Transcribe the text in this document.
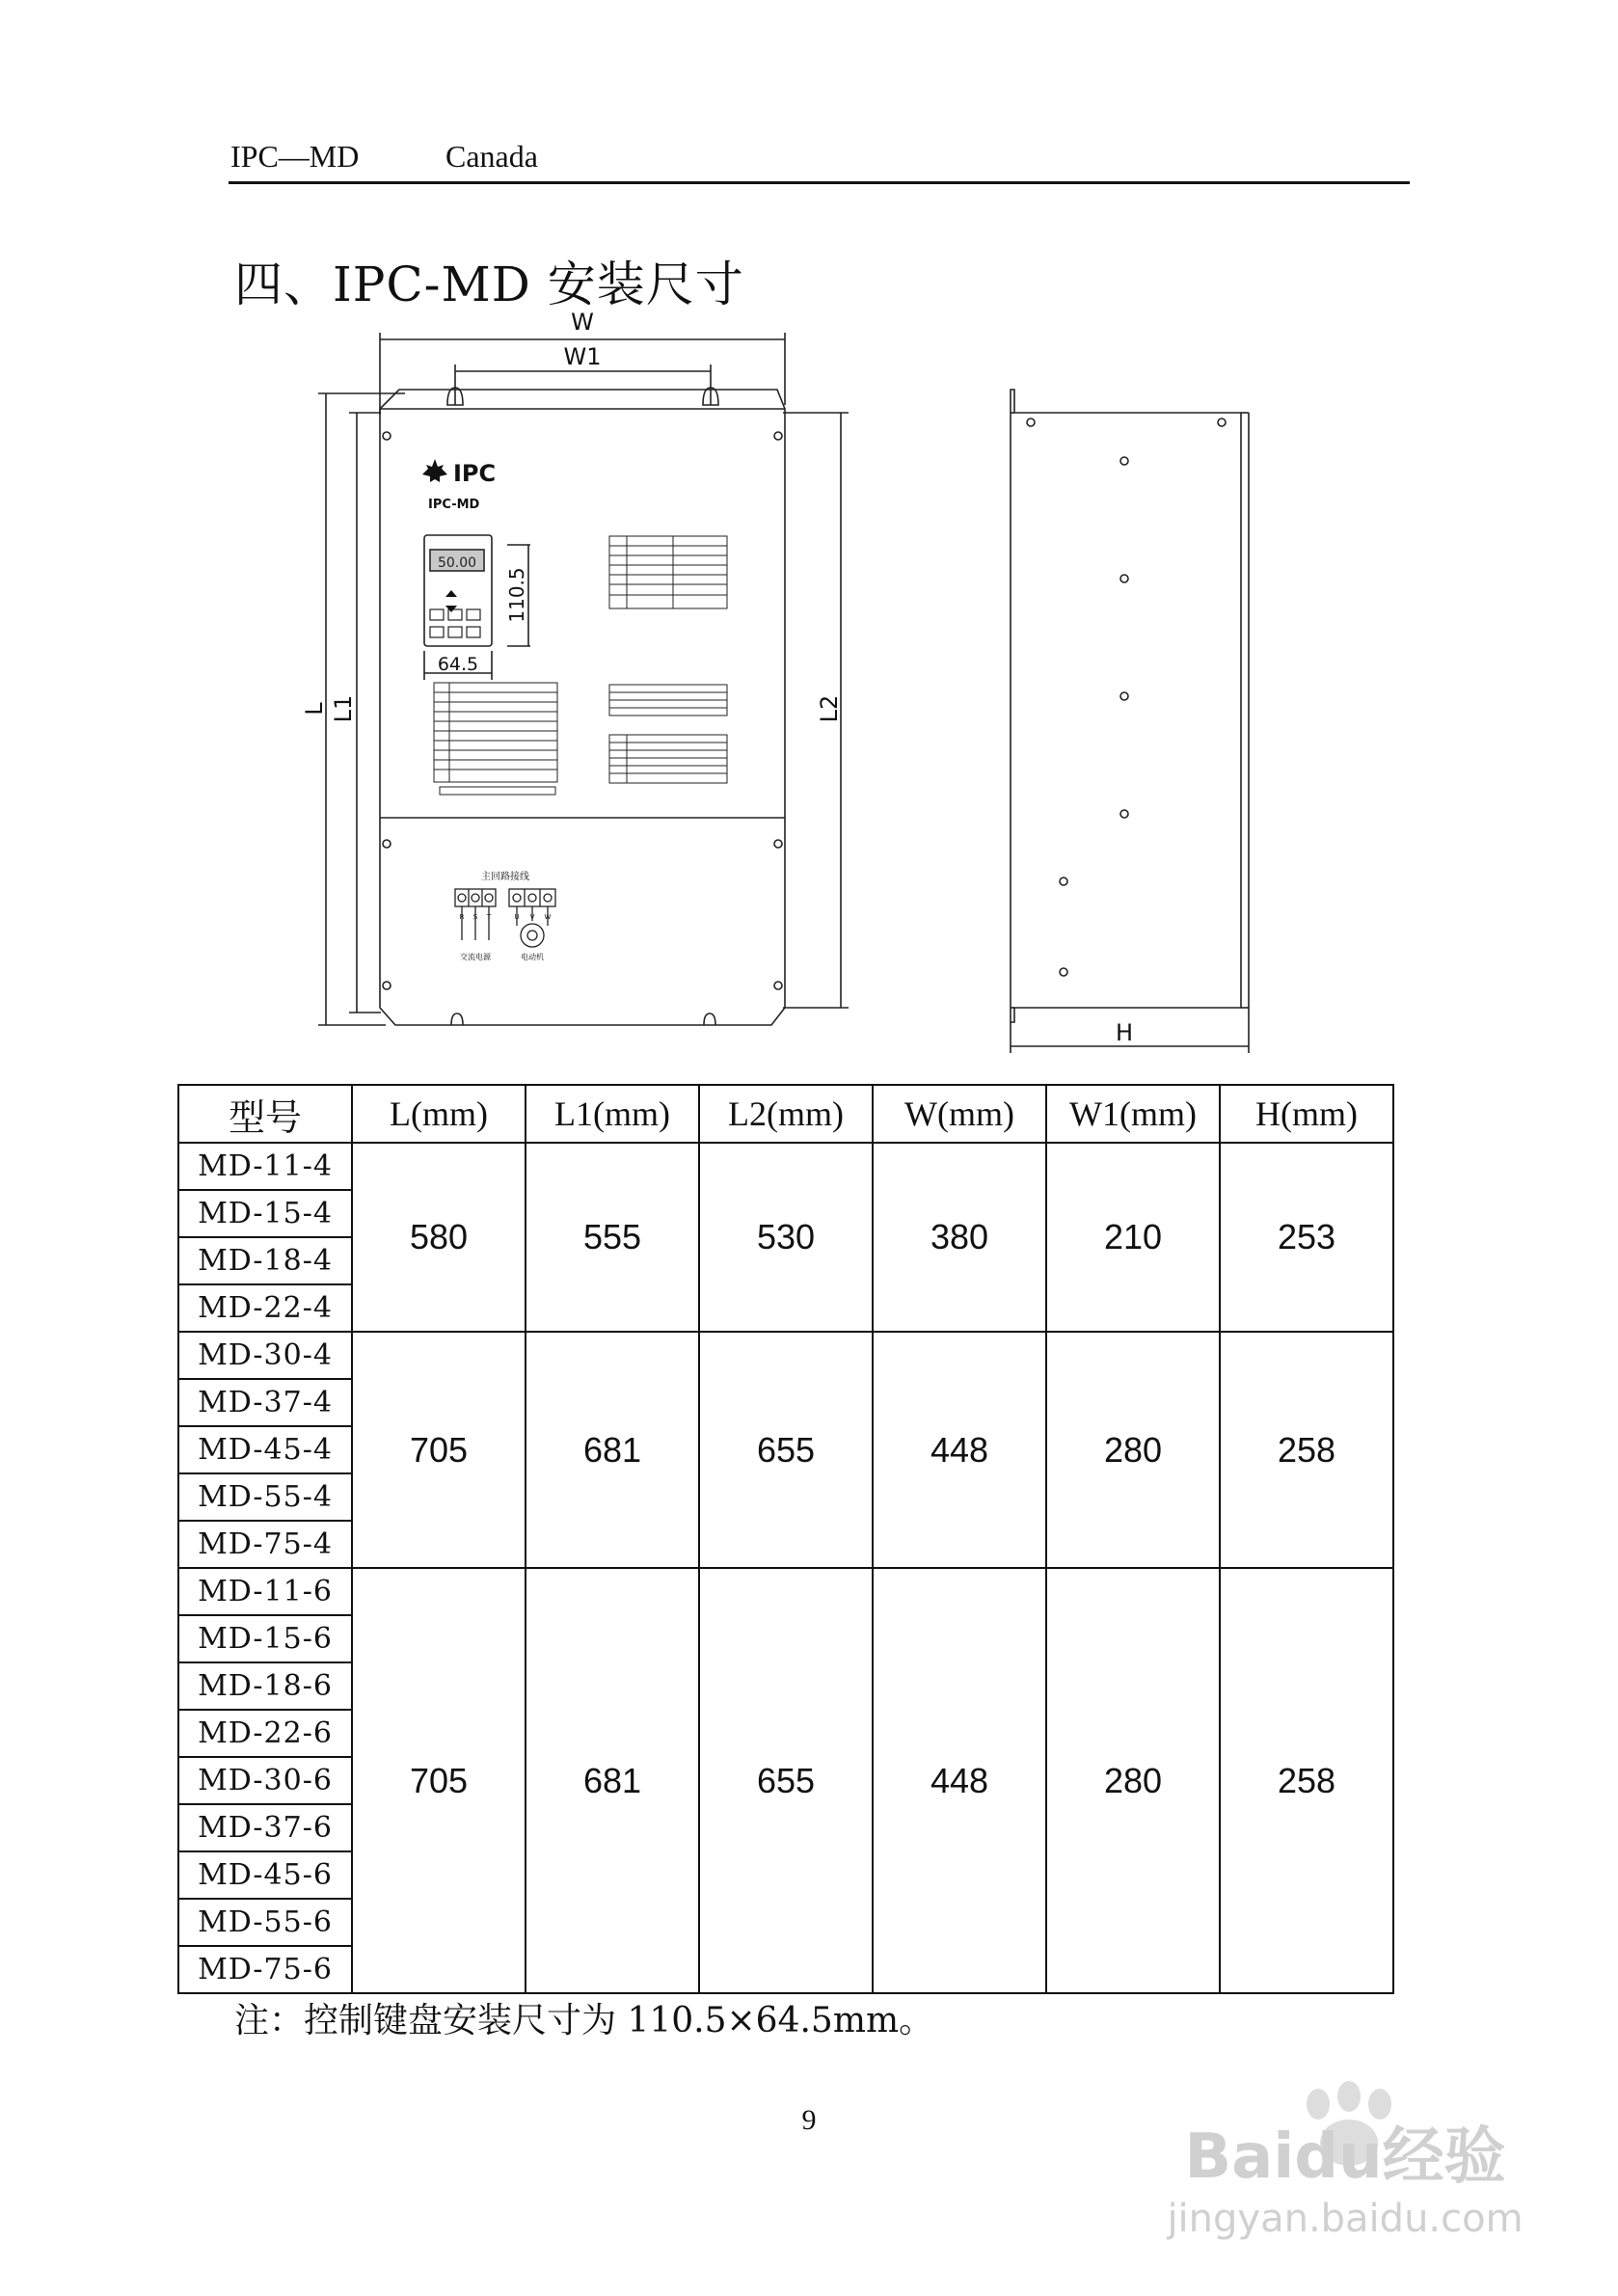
IPC—MD	Canada
四、IPC-MD 安装尺寸
W
W1
H
L L1	L2
110.5
64.5
IPC
IPC-MD
50.00
主回路接线
R S T	U V W
交流电源	电动机
型号	L(mm)	L1(mm)	L2(mm)	W(mm)	W1(mm)	H(mm)
MD-11-4	580	555	530	380	210	253
MD-15-4						
MD-18-4						
MD-22-4						
MD-30-4	705	681	655	448	280	258
MD-37-4						
MD-45-4						
MD-55-4						
MD-75-4						
MD-11-6	705	681	655	448	280	258
MD-15-6						
MD-18-6						
MD-22-6						
MD-30-6						
MD-37-6						
MD-45-6						
MD-55-6						
MD-75-6						
注：控制键盘安装尺寸为 110.5×64.5mm。
9
Baidu经验
jingyan.baidu.com
